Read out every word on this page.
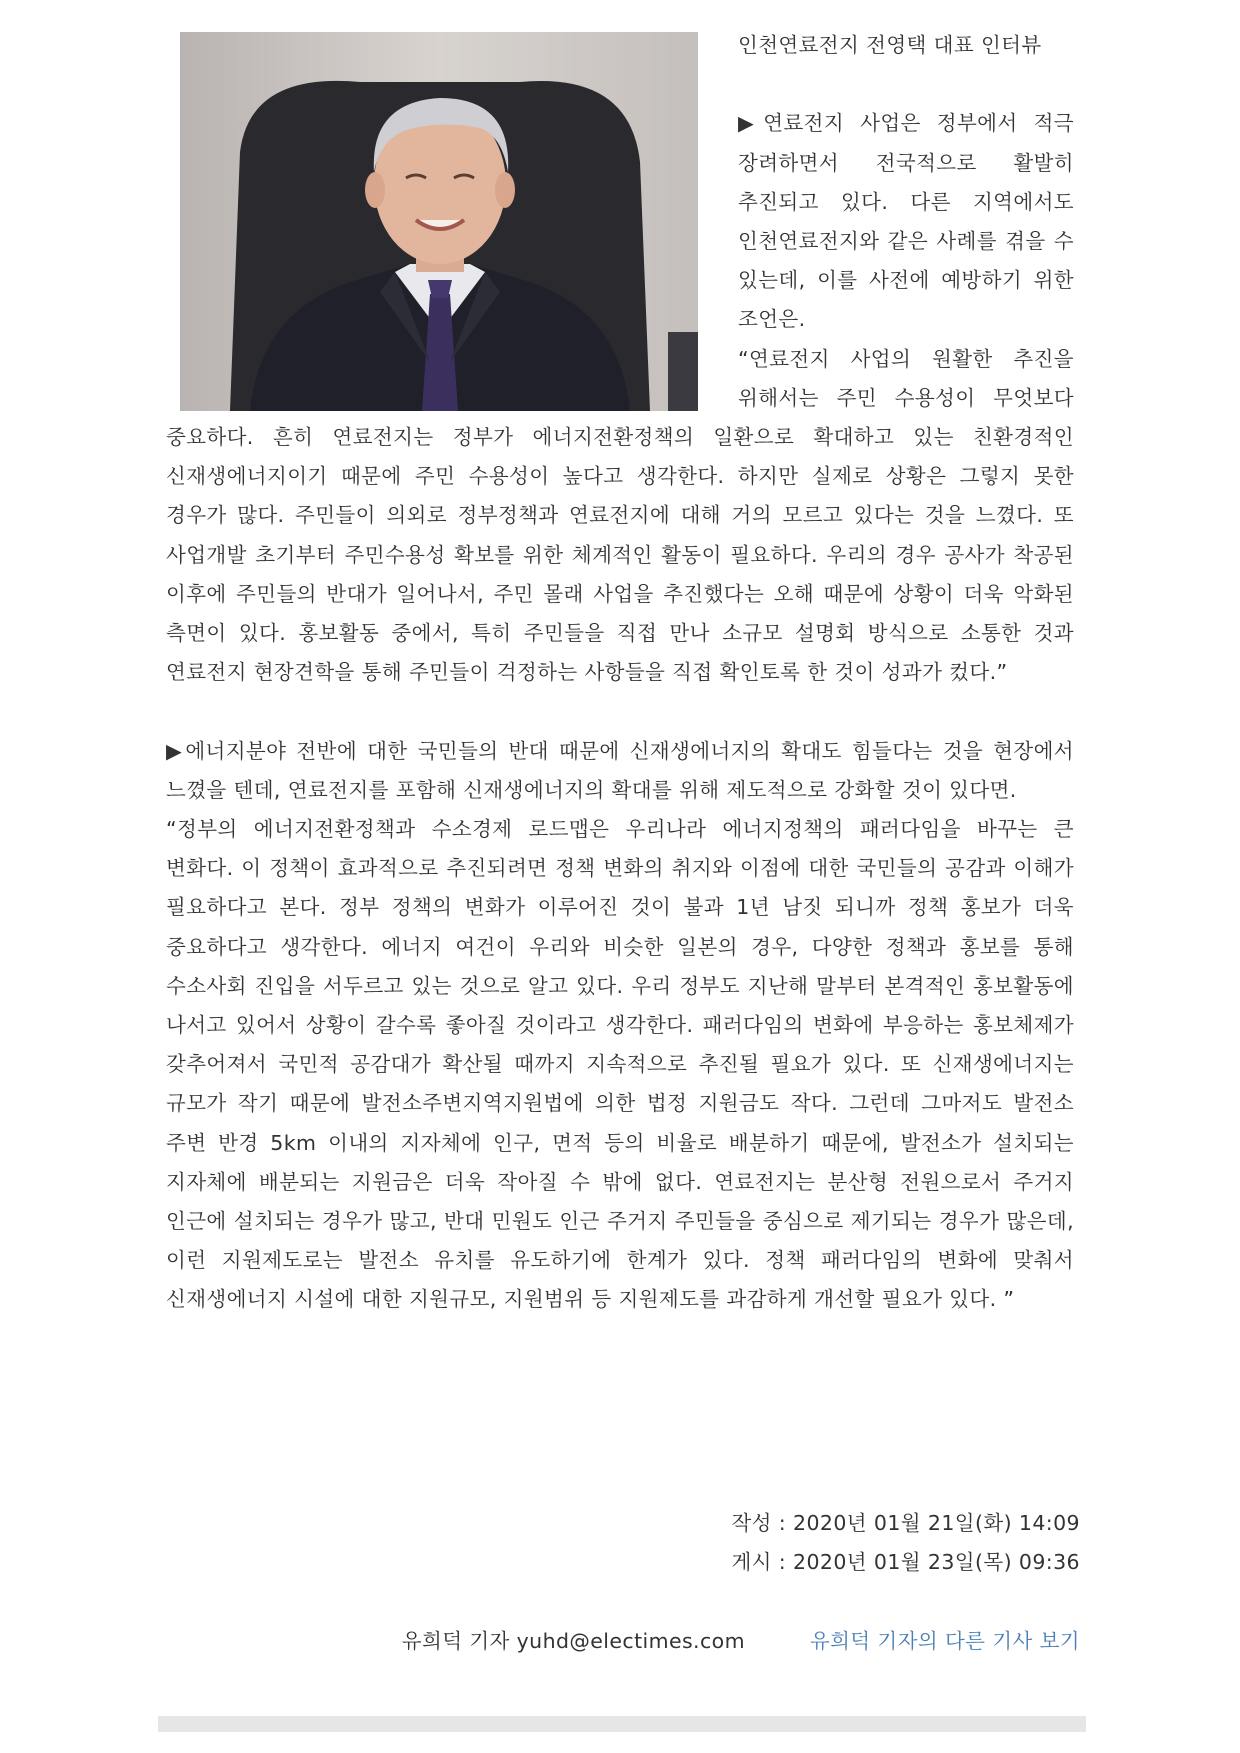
인천연료전지 전영택 대표 인터뷰

▶연료전지 사업은 정부에서 적극 장려하면서 전국적으로 활발히 추진되고 있다. 다른 지역에서도 인천연료전지와 같은 사례를 겪을 수 있는데, 이를 사전에 예방하기 위한 조언은.

“연료전지 사업의 원활한 추진을 위해서는 주민 수용성이 무엇보다 중요하다. 흔히 연료전지는 정부가 에너지전환정책의 일환으로 확대하고 있는 친환경적인 신재생에너지이기 때문에 주민 수용성이 높다고 생각한다. 하지만 실제로 상황은 그렇지 못한 경우가 많다. 주민들이 의외로 정부정책과 연료전지에 대해 거의 모르고 있다는 것을 느꼈다. 또 사업개발 초기부터 주민수용성 확보를 위한 체계적인 활동이 필요하다. 우리의 경우 공사가 착공된 이후에 주민들의 반대가 일어나서, 주민 몰래 사업을 추진했다는 오해 때문에 상황이 더욱 악화된 측면이 있다. 홍보활동 중에서, 특히 주민들을 직접 만나 소규모 설명회 방식으로 소통한 것과 연료전지 현장견학을 통해 주민들이 걱정하는 사항들을 직접 확인토록 한 것이 성과가 컸다.”

▶에너지분야 전반에 대한 국민들의 반대 때문에 신재생에너지의 확대도 힘들다는 것을 현장에서 느꼈을 텐데, 연료전지를 포함해 신재생에너지의 확대를 위해 제도적으로 강화할 것이 있다면.

“정부의 에너지전환정책과 수소경제 로드맵은 우리나라 에너지정책의 패러다임을 바꾸는 큰 변화다. 이 정책이 효과적으로 추진되려면 정책 변화의 취지와 이점에 대한 국민들의 공감과 이해가 필요하다고 본다. 정부 정책의 변화가 이루어진 것이 불과 1년 남짓 되니까 정책 홍보가 더욱 중요하다고 생각한다. 에너지 여건이 우리와 비슷한 일본의 경우, 다양한 정책과 홍보를 통해 수소사회 진입을 서두르고 있는 것으로 알고 있다. 우리 정부도 지난해 말부터 본격적인 홍보활동에 나서고 있어서 상황이 갈수록 좋아질 것이라고 생각한다. 패러다임의 변화에 부응하는 홍보체제가 갖추어져서 국민적 공감대가 확산될 때까지 지속적으로 추진될 필요가 있다. 또 신재생에너지는 규모가 작기 때문에 발전소주변지역지원법에 의한 법정 지원금도 작다. 그런데 그마저도 발전소 주변 반경 5km 이내의 지자체에 인구, 면적 등의 비율로 배분하기 때문에, 발전소가 설치되는 지자체에 배분되는 지원금은 더욱 작아질 수 밖에 없다. 연료전지는 분산형 전원으로서 주거지 인근에 설치되는 경우가 많고, 반대 민원도 인근 주거지 주민들을 중심으로 제기되는 경우가 많은데, 이런 지원제도로는 발전소 유치를 유도하기에 한계가 있다. 정책 패러다임의 변화에 맞춰서 신재생에너지 시설에 대한 지원규모, 지원범위 등 지원제도를 과감하게 개선할 필요가 있다. ”

작성 : 2020년 01월 21일(화) 14:09
게시 : 2020년 01월 23일(목) 09:36
유희덕 기자 yuhd@electimes.com	유희덕 기자의 다른 기사 보기
